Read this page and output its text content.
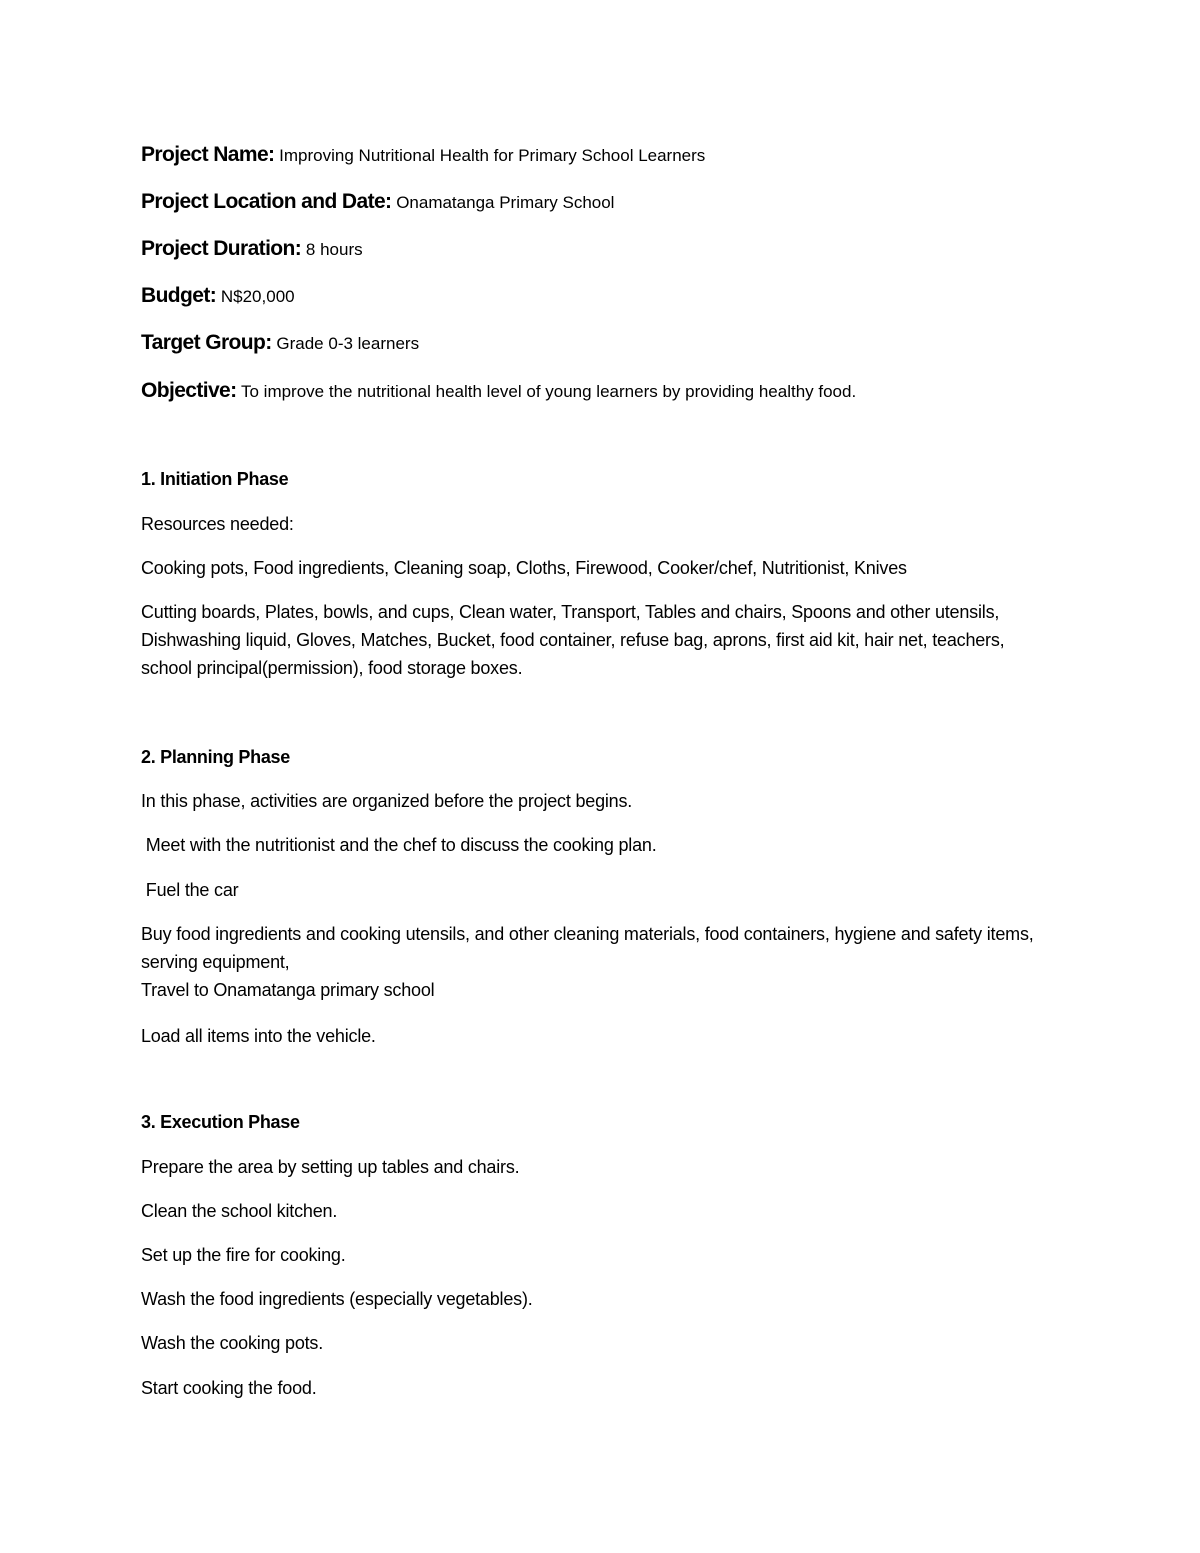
Project Name: Improving Nutritional Health for Primary School Learners
Project Location and Date: Onamatanga Primary School
Project Duration: 8 hours
Budget: N$20,000
Target Group: Grade 0-3 learners
Objective: To improve the nutritional health level of young learners by providing healthy food.
1. Initiation Phase
Resources needed:
Cooking pots, Food ingredients, Cleaning soap, Cloths, Firewood, Cooker/chef, Nutritionist, Knives
Cutting boards, Plates, bowls, and cups, Clean water, Transport, Tables and chairs, Spoons and other utensils, Dishwashing liquid, Gloves, Matches, Bucket, food container, refuse bag, aprons, first aid kit, hair net, teachers, school principal(permission), food storage boxes.
2. Planning Phase
In this phase, activities are organized before the project begins.
Meet with the nutritionist and the chef to discuss the cooking plan.
Fuel the car
Buy food ingredients and cooking utensils, and other cleaning materials, food containers, hygiene and safety items, serving equipment,
Travel to Onamatanga primary school
Load all items into the vehicle.
3. Execution Phase
Prepare the area by setting up tables and chairs.
Clean the school kitchen.
Set up the fire for cooking.
Wash the food ingredients (especially vegetables).
Wash the cooking pots.
Start cooking the food.
